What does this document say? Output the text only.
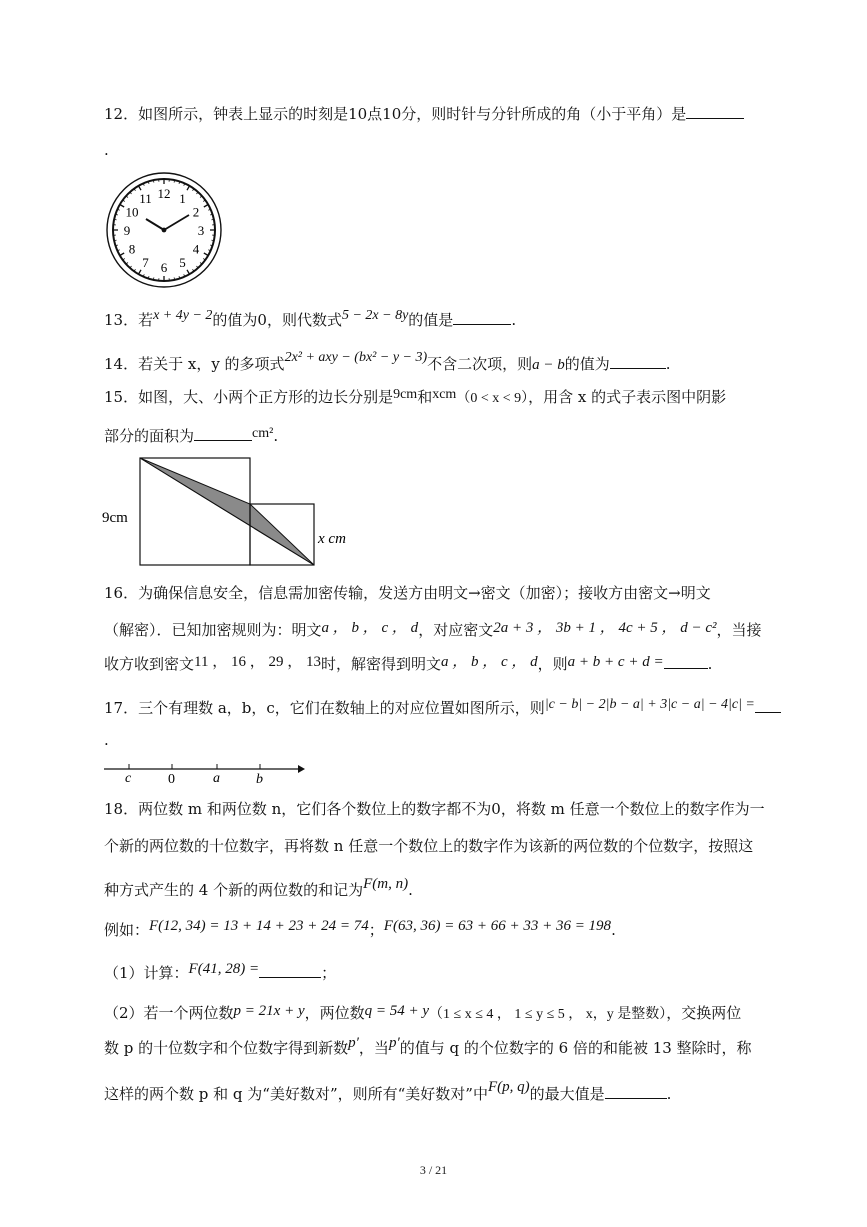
12．如图所示，钟表上显示的时刻是10点10分，则时针与分针所成的角（小于平角）是
.
12 1
2
3
4
5
6
7
8
9
10
11
13．若x + 4y − 2的值为0，则代数式5 − 2x − 8y的值是	.
14．若关于 x，y 的多项式2x² + axy − (bx² − y − 3)不含二次项，则a − b的值为	.
15．如图，大、小两个正方形的边长分别是9cm和xcm（0 < x < 9），用含 x 的式子表示图中阴影
部分的面积为	cm².
9cm
x cm
16．为确保信息安全，信息需加密传输，发送方由明文→密文（加密）；接收方由密文→明文
（解密）．已知加密规则为：明文a ， b ， c ， d，对应密文2a + 3 ， 3b + 1 ， 4c + 5 ， d − c²，当接
收方收到密文11 ， 16 ， 29 ， 13时，解密得到明文a ， b ， c ， d，则a + b + c + d =	.
17．三个有理数 a，b，c，它们在数轴上的对应位置如图所示，则|c − b| − 2|b − a| + 3|c − a| − 4|c| =
.
c	0	a	b
18．两位数 m 和两位数 n，它们各个数位上的数字都不为0，将数 m 任意一个数位上的数字作为一
个新的两位数的十位数字，再将数 n 任意一个数位上的数字作为该新的两位数的个位数字，按照这
种方式产生的 4 个新的两位数的和记为F(m, n).
例如：F(12, 34) = 13 + 14 + 23 + 24 = 74；F(63, 36) = 63 + 66 + 33 + 36 = 198.
（1）计算：F(41, 28) =	；
（2）若一个两位数p = 21x + y，两位数q = 54 + y（1 ≤ x ≤ 4 ， 1 ≤ y ≤ 5 ， x，y 是整数），交换两位
数 p 的十位数字和个位数字得到新数p′，当p′的值与 q 的个位数字的 6 倍的和能被 13 整除时，称
这样的两个数 p 和 q 为“美好数对”，则所有“美好数对”中F(p, q)的最大值是	.
3 / 21
